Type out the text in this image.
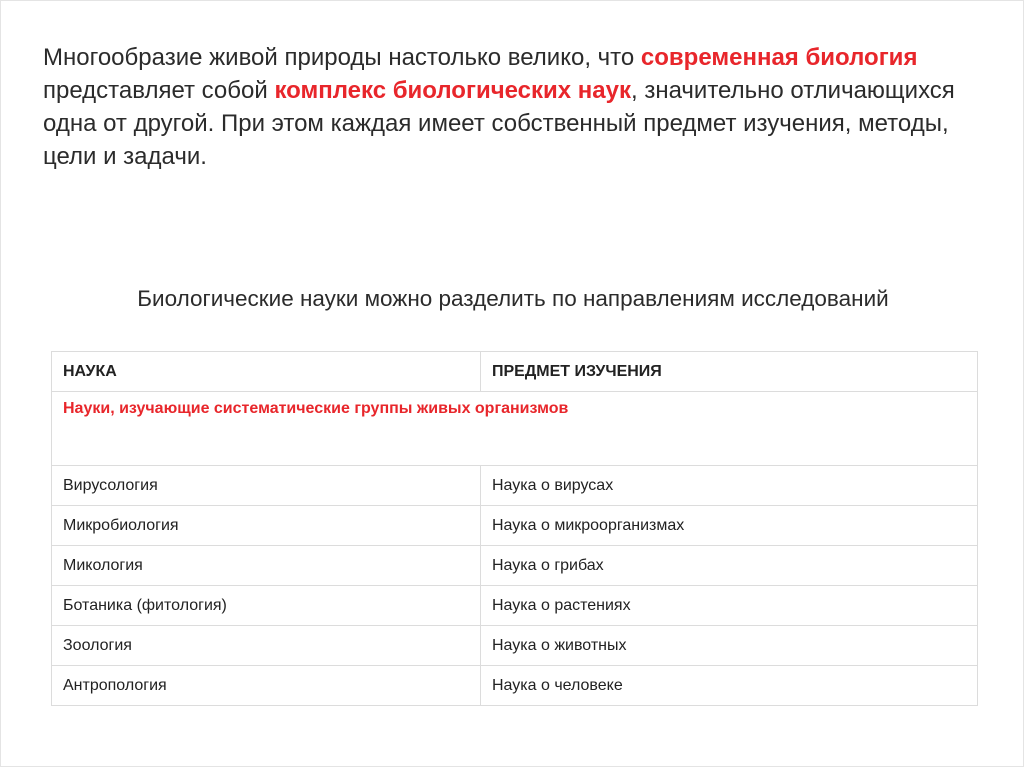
Многообразие живой природы настолько велико, что современная биология представляет собой комплекс биологических наук, значительно отличающихся одна от другой. При этом каждая имеет собственный предмет изучения, методы, цели и задачи.

Биологические науки можно разделить по направлениям исследований

НАУКА	ПРЕДМЕТ ИЗУЧЕНИЯ
Науки, изучающие систематические группы живых организмов	
Вирусология	Наука о вирусах
Микробиология	Наука о микроорганизмах
Микология	Наука о грибах
Ботаника (фитология)	Наука о растениях
Зоология	Наука о животных
Антропология	Наука о человеке
